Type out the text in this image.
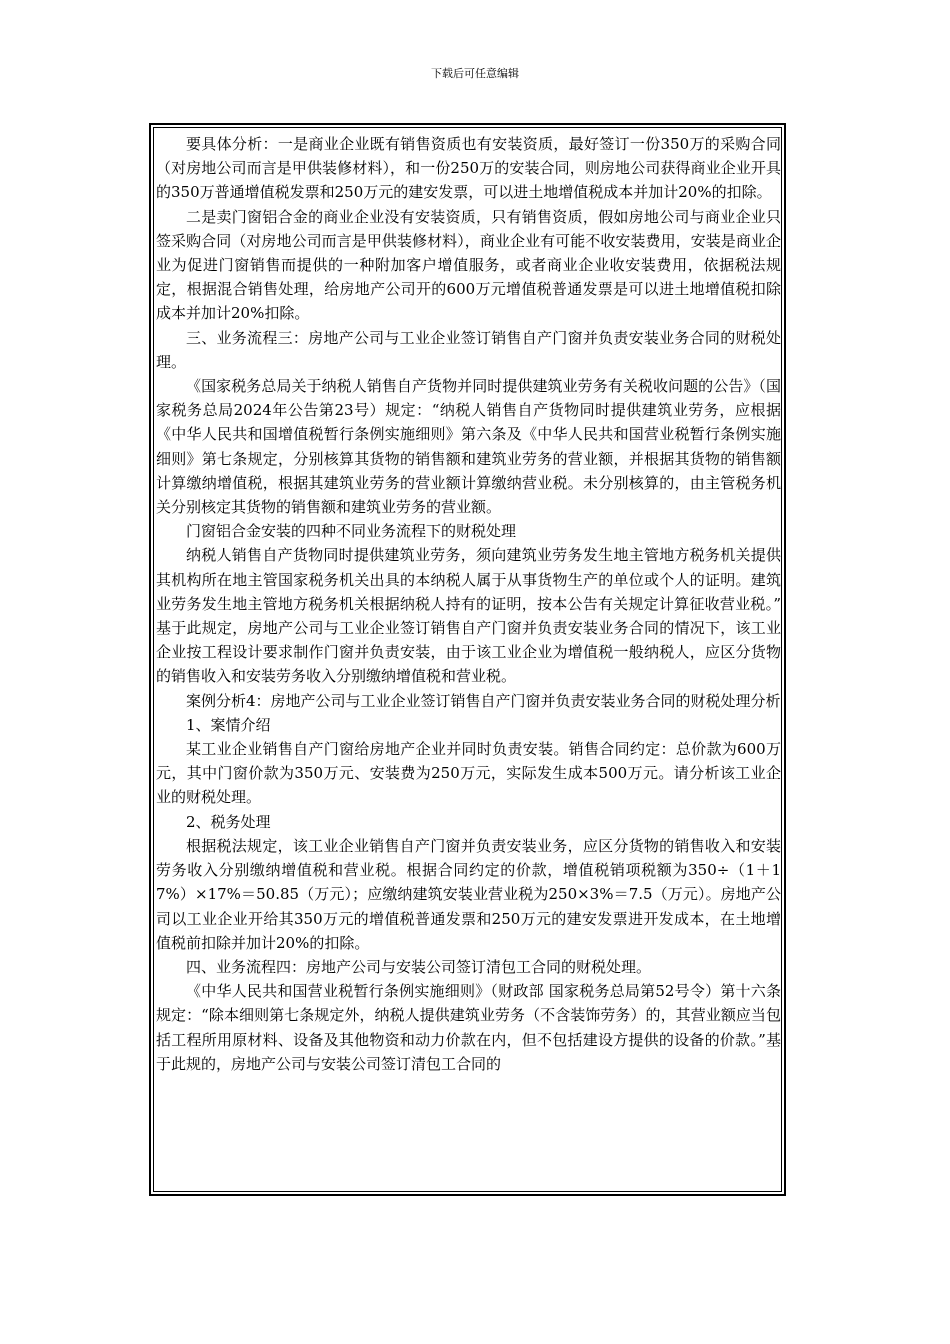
下载后可任意编辑

要具体分析：一是商业企业既有销售资质也有安装资质，最好签订一份350万的采购合同（对房地公司而言是甲供装修材料），和一份250万的安装合同，则房地公司获得商业企业开具的350万普通增值税发票和250万元的建安发票，可以进土地增值税成本并加计20%的扣除。

二是卖门窗铝合金的商业企业没有安装资质，只有销售资质，假如房地公司与商业企业只签采购合同（对房地公司而言是甲供装修材料），商业企业有可能不收安装费用，安装是商业企业为促进门窗销售而提供的一种附加客户增值服务，或者商业企业收安装费用，依据税法规定，根据混合销售处理，给房地产公司开的600万元增值税普通发票是可以进土地增值税扣除成本并加计20%扣除。

三、业务流程三：房地产公司与工业企业签订销售自产门窗并负责安装业务合同的财税处理。

《国家税务总局关于纳税人销售自产货物并同时提供建筑业劳务有关税收问题的公告》（国家税务总局2024年公告第23号）规定：“纳税人销售自产货物同时提供建筑业劳务，应根据《中华人民共和国增值税暂行条例实施细则》第六条及《中华人民共和国营业税暂行条例实施细则》第七条规定，分别核算其货物的销售额和建筑业劳务的营业额，并根据其货物的销售额计算缴纳增值税，根据其建筑业劳务的营业额计算缴纳营业税。未分别核算的，由主管税务机关分别核定其货物的销售额和建筑业劳务的营业额。

门窗铝合金安装的四种不同业务流程下的财税处理

纳税人销售自产货物同时提供建筑业劳务，须向建筑业劳务发生地主管地方税务机关提供其机构所在地主管国家税务机关出具的本纳税人属于从事货物生产的单位或个人的证明。建筑业劳务发生地主管地方税务机关根据纳税人持有的证明，按本公告有关规定计算征收营业税。” 基于此规定，房地产公司与工业企业签订销售自产门窗并负责安装业务合同的情况下，该工业企业按工程设计要求制作门窗并负责安装，由于该工业企业为增值税一般纳税人，应区分货物的销售收入和安装劳务收入分别缴纳增值税和营业税。

案例分析4：房地产公司与工业企业签订销售自产门窗并负责安装业务合同的财税处理分析

1、案情介绍

某工业企业销售自产门窗给房地产企业并同时负责安装。销售合同约定：总价款为600万元，其中门窗价款为350万元、安装费为250万元，实际发生成本500万元。请分析该工业企业的财税处理。

2、税务处理

根据税法规定，该工业企业销售自产门窗并负责安装业务，应区分货物的销售收入和安装劳务收入分别缴纳增值税和营业税。根据合同约定的价款，增值税销项税额为350÷（1＋17%）×17%＝50.85（万元）；应缴纳建筑安装业营业税为250×3%＝7.5（万元）。房地产公司以工业企业开给其350万元的增值税普通发票和250万元的建安发票进开发成本，在土地增值税前扣除并加计20%的扣除。

四、业务流程四：房地产公司与安装公司签订清包工合同的财税处理。

《中华人民共和国营业税暂行条例实施细则》（财政部 国家税务总局第52号令）第十六条规定：“除本细则第七条规定外，纳税人提供建筑业劳务（不含装饰劳务）的，其营业额应当包括工程所用原材料、设备及其他物资和动力价款在内，但不包括建设方提供的设备的价款。”基于此规的，房地产公司与安装公司签订清包工合同的
